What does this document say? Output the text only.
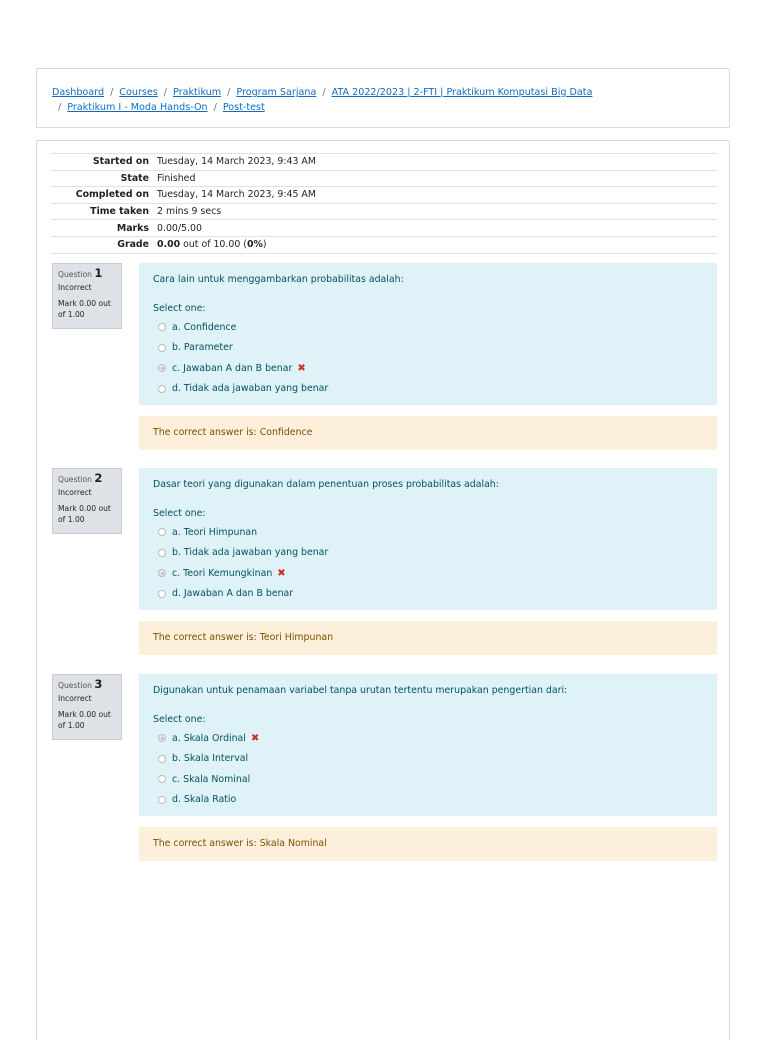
Dashboard / Courses / Praktikum / Program Sarjana / ATA 2022/2023 | 2-FTI | Praktikum Komputasi Big Data
/ Praktikum I - Moda Hands-On / Post-test
Started on	Tuesday, 14 March 2023, 9:43 AM
State	Finished
Completed on	Tuesday, 14 March 2023, 9:45 AM
Time taken	2 mins 9 secs
Marks	0.00/5.00
Grade	0.00 out of 10.00 (0%)
Question 1
Incorrect
Mark 0.00 out of 1.00
Cara lain untuk menggambarkan probabilitas adalah:
Select one:
a. Confidence
b. Parameter
c. Jawaban A dan B benar ✖
d. Tidak ada jawaban yang benar
The correct answer is: Confidence
Question 2
Incorrect
Mark 0.00 out of 1.00
Dasar teori yang digunakan dalam penentuan proses probabilitas adalah:
Select one:
a. Teori Himpunan
b. Tidak ada jawaban yang benar
c. Teori Kemungkinan ✖
d. Jawaban A dan B benar
The correct answer is: Teori Himpunan
Question 3
Incorrect
Mark 0.00 out of 1.00
Digunakan untuk penamaan variabel tanpa urutan tertentu merupakan pengertian dari:
Select one:
a. Skala Ordinal ✖
b. Skala Interval
c. Skala Nominal
d. Skala Ratio
The correct answer is: Skala Nominal
